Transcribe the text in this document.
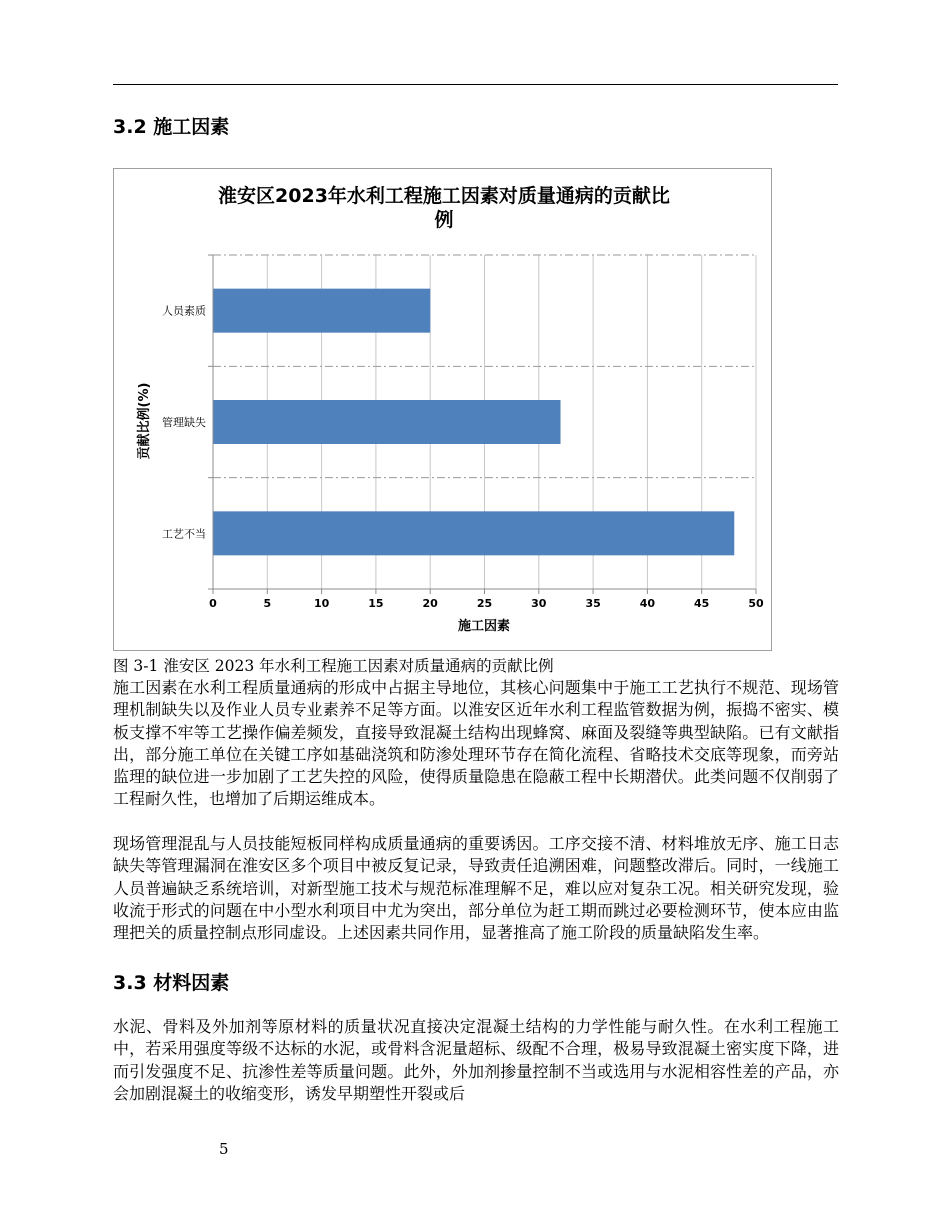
3.2 施工因素
淮安区2023年水利工程施工因素对质量通病的贡献比
例
人员素质
管理缺失
工艺不当
0	5	10	15	20	25	30	35	40	45	50
施工因素
贡献比例(%)
图 3-1 淮安区 2023 年水利工程施工因素对质量通病的贡献比例

施工因素在水利工程质量通病的形成中占据主导地位，其核心问题集中于施工工艺执行不规范、现场管理机制缺失以及作业人员专业素养不足等方面。以淮安区近年水利工程监管数据为例，振捣不密实、模板支撑不牢等工艺操作偏差频发，直接导致混凝土结构出现蜂窝、麻面及裂缝等典型缺陷。已有文献指出，部分施工单位在关键工序如基础浇筑和防渗处理环节存在简化流程、省略技术交底等现象，而旁站监理的缺位进一步加剧了工艺失控的风险，使得质量隐患在隐蔽工程中长期潜伏。此类问题不仅削弱了工程耐久性，也增加了后期运维成本。

现场管理混乱与人员技能短板同样构成质量通病的重要诱因。工序交接不清、材料堆放无序、施工日志缺失等管理漏洞在淮安区多个项目中被反复记录，导致责任追溯困难，问题整改滞后。同时，一线施工人员普遍缺乏系统培训，对新型施工技术与规范标准理解不足，难以应对复杂工况。相关研究发现，验收流于形式的问题在中小型水利项目中尤为突出，部分单位为赶工期而跳过必要检测环节，使本应由监理把关的质量控制点形同虚设。上述因素共同作用，显著推高了施工阶段的质量缺陷发生率。

3.3 材料因素

水泥、骨料及外加剂等原材料的质量状况直接决定混凝土结构的力学性能与耐久性。在水利工程施工中，若采用强度等级不达标的水泥，或骨料含泥量超标、级配不合理，极易导致混凝土密实度下降，进而引发强度不足、抗渗性差等质量问题。此外，外加剂掺量控制不当或选用与水泥相容性差的产品，亦会加剧混凝土的收缩变形，诱发早期塑性开裂或后

5
